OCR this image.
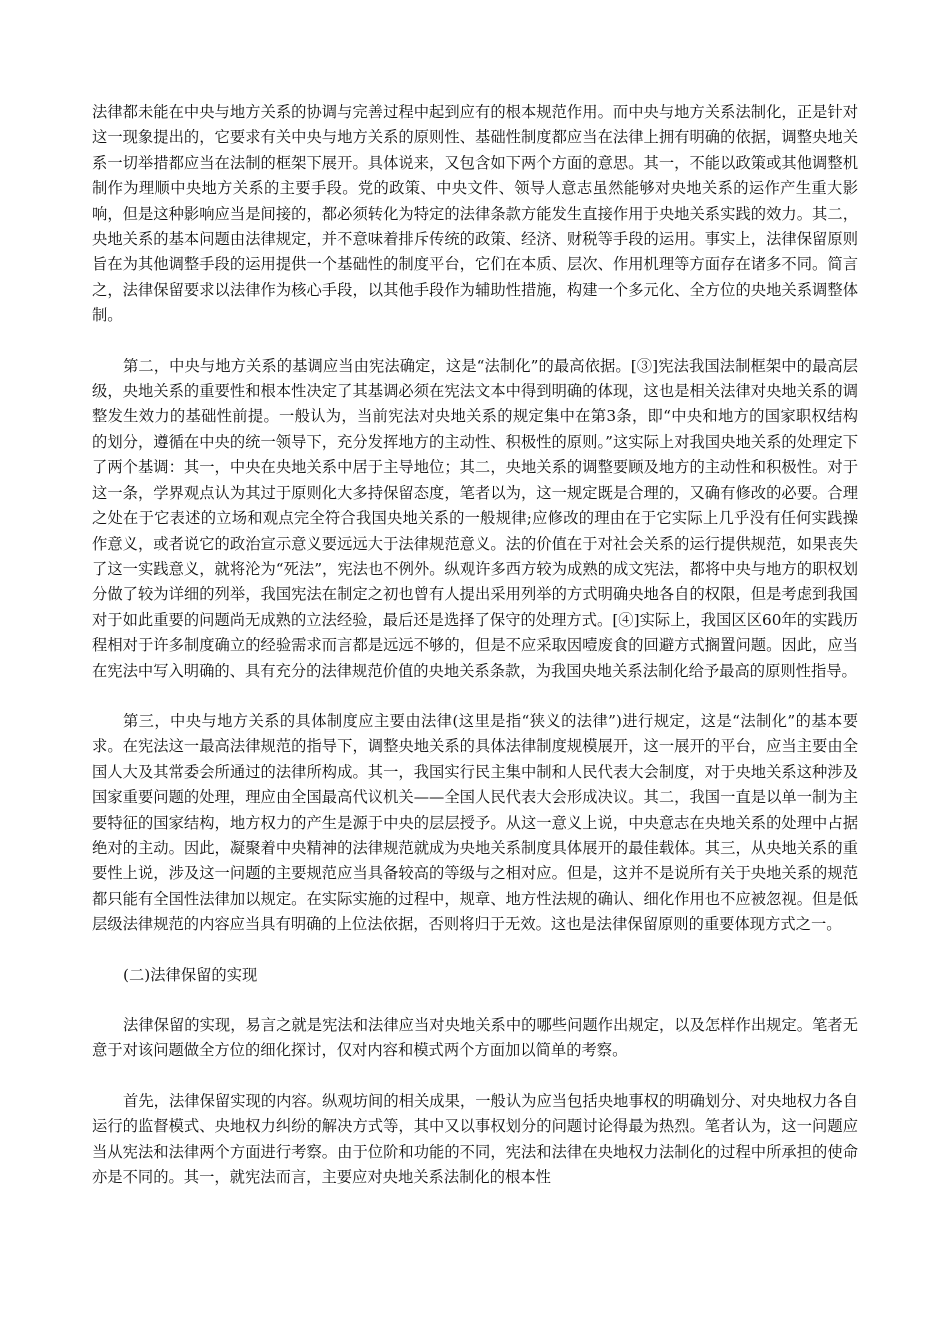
法律都未能在中央与地方关系的协调与完善过程中起到应有的根本规范作用。而中央与地方关系法制化，正是针对这一现象提出的，它要求有关中央与地方关系的原则性、基础性制度都应当在法律上拥有明确的依据，调整央地关系一切举措都应当在法制的框架下展开。具体说来，又包含如下两个方面的意思。其一，不能以政策或其他调整机制作为理顺中央地方关系的主要手段。党的政策、中央文件、领导人意志虽然能够对央地关系的运作产生重大影响，但是这种影响应当是间接的，都必须转化为特定的法律条款方能发生直接作用于央地关系实践的效力。其二，央地关系的基本问题由法律规定，并不意味着排斥传统的政策、经济、财税等手段的运用。事实上，法律保留原则旨在为其他调整手段的运用提供一个基础性的制度平台，它们在本质、层次、作用机理等方面存在诸多不同。简言之，法律保留要求以法律作为核心手段，以其他手段作为辅助性措施，构建一个多元化、全方位的央地关系调整体制。

第二，中央与地方关系的基调应当由宪法确定，这是“法制化”的最高依据。[③]宪法我国法制框架中的最高层级，央地关系的重要性和根本性决定了其基调必须在宪法文本中得到明确的体现，这也是相关法律对央地关系的调整发生效力的基础性前提。一般认为，当前宪法对央地关系的规定集中在第3条，即“中央和地方的国家职权结构的划分，遵循在中央的统一领导下，充分发挥地方的主动性、积极性的原则。”这实际上对我国央地关系的处理定下了两个基调：其一，中央在央地关系中居于主导地位；其二，央地关系的调整要顾及地方的主动性和积极性。对于这一条，学界观点认为其过于原则化大多持保留态度，笔者以为，这一规定既是合理的，又确有修改的必要。合理之处在于它表述的立场和观点完全符合我国央地关系的一般规律;应修改的理由在于它实际上几乎没有任何实践操作意义，或者说它的政治宣示意义要远远大于法律规范意义。法的价值在于对社会关系的运行提供规范，如果丧失了这一实践意义，就将沦为“死法”，宪法也不例外。纵观许多西方较为成熟的成文宪法，都将中央与地方的职权划分做了较为详细的列举，我国宪法在制定之初也曾有人提出采用列举的方式明确央地各自的权限，但是考虑到我国对于如此重要的问题尚无成熟的立法经验，最后还是选择了保守的处理方式。[④]实际上，我国区区60年的实践历程相对于许多制度确立的经验需求而言都是远远不够的，但是不应采取因噎废食的回避方式搁置问题。因此，应当在宪法中写入明确的、具有充分的法律规范价值的央地关系条款，为我国央地关系法制化给予最高的原则性指导。

第三，中央与地方关系的具体制度应主要由法律(这里是指“狭义的法律”)进行规定，这是“法制化”的基本要求。在宪法这一最高法律规范的指导下，调整央地关系的具体法律制度规模展开，这一展开的平台，应当主要由全国人大及其常委会所通过的法律所构成。其一，我国实行民主集中制和人民代表大会制度，对于央地关系这种涉及国家重要问题的处理，理应由全国最高代议机关——全国人民代表大会形成决议。其二，我国一直是以单一制为主要特征的国家结构，地方权力的产生是源于中央的层层授予。从这一意义上说，中央意志在央地关系的处理中占据绝对的主动。因此，凝聚着中央精神的法律规范就成为央地关系制度具体展开的最佳载体。其三，从央地关系的重要性上说，涉及这一问题的主要规范应当具备较高的等级与之相对应。但是，这并不是说所有关于央地关系的规范都只能有全国性法律加以规定。在实际实施的过程中，规章、地方性法规的确认、细化作用也不应被忽视。但是低层级法律规范的内容应当具有明确的上位法依据，否则将归于无效。这也是法律保留原则的重要体现方式之一。

(二)法律保留的实现

法律保留的实现，易言之就是宪法和法律应当对央地关系中的哪些问题作出规定，以及怎样作出规定。笔者无意于对该问题做全方位的细化探讨，仅对内容和模式两个方面加以简单的考察。

首先，法律保留实现的内容。纵观坊间的相关成果，一般认为应当包括央地事权的明确划分、对央地权力各自运行的监督模式、央地权力纠纷的解决方式等，其中又以事权划分的问题讨论得最为热烈。笔者认为，这一问题应当从宪法和法律两个方面进行考察。由于位阶和功能的不同，宪法和法律在央地权力法制化的过程中所承担的使命亦是不同的。其一，就宪法而言，主要应对央地关系法制化的根本性
